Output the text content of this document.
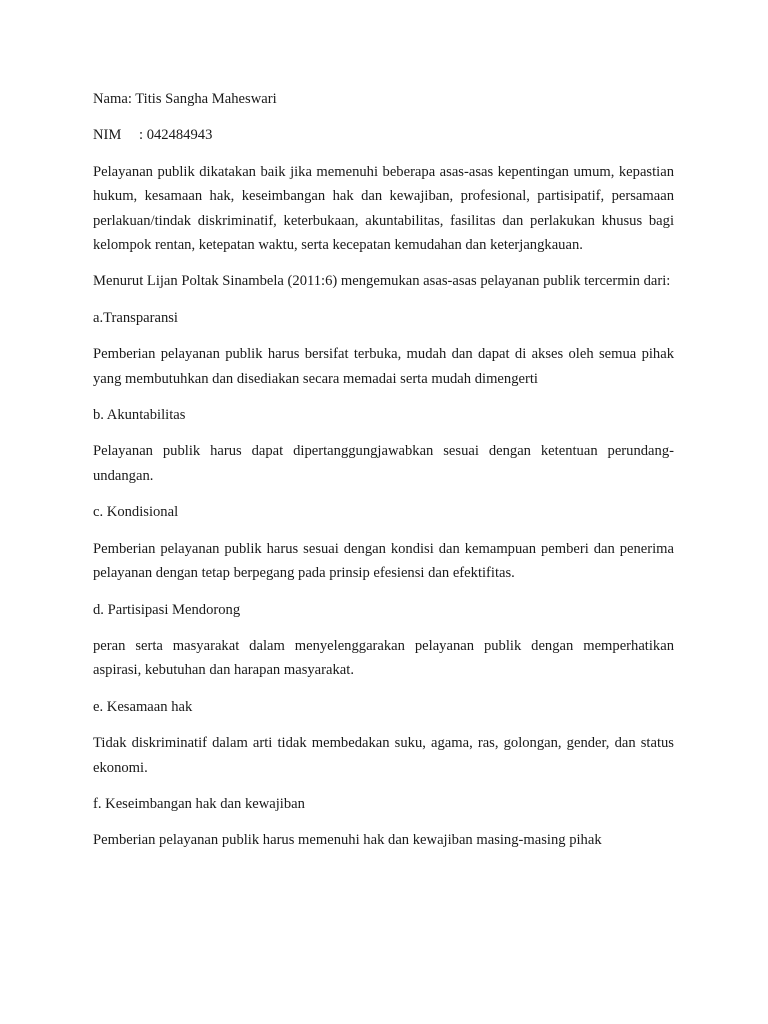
Nama: Titis Sangha Maheswari

NIM : 042484943

Pelayanan publik dikatakan baik jika memenuhi beberapa asas-asas kepentingan umum, kepastian hukum, kesamaan hak, keseimbangan hak dan kewajiban, profesional, partisipatif, persamaan perlakuan/tindak diskriminatif, keterbukaan, akuntabilitas, fasilitas dan perlakukan khusus bagi kelompok rentan, ketepatan waktu, serta kecepatan kemudahan dan keterjangkauan.

Menurut Lijan Poltak Sinambela (2011:6) mengemukan asas-asas pelayanan publik tercermin dari:

a.Transparansi

Pemberian pelayanan publik harus bersifat terbuka, mudah dan dapat di akses oleh semua pihak yang membutuhkan dan disediakan secara memadai serta mudah dimengerti

b. Akuntabilitas

Pelayanan publik harus dapat dipertanggungjawabkan sesuai dengan ketentuan perundang-undangan.

c. Kondisional

Pemberian pelayanan publik harus sesuai dengan kondisi dan kemampuan pemberi dan penerima pelayanan dengan tetap berpegang pada prinsip efesiensi dan efektifitas.

d. Partisipasi Mendorong

peran serta masyarakat dalam menyelenggarakan pelayanan publik dengan memperhatikan aspirasi, kebutuhan dan harapan masyarakat.

e. Kesamaan hak

Tidak diskriminatif dalam arti tidak membedakan suku, agama, ras, golongan, gender, dan status ekonomi.

f. Keseimbangan hak dan kewajiban

Pemberian pelayanan publik harus memenuhi hak dan kewajiban masing-masing pihak
